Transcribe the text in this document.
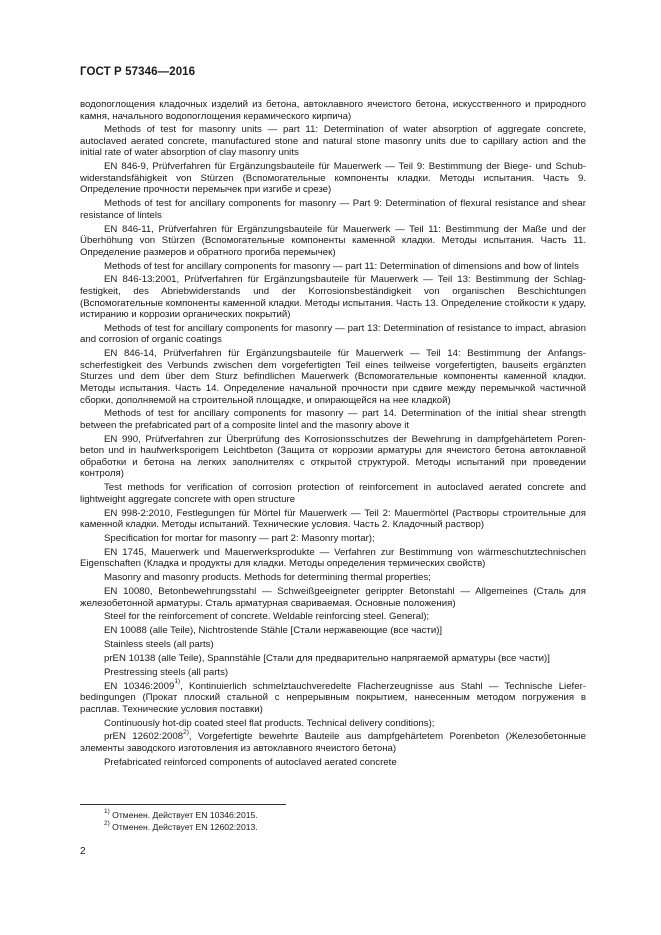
ГОСТ Р 57346—2016

водопоглощения кладочных изделий из бетона, автоклавного ячеистого бетона, искусственного и природного камня, начального водопоглощения керамического кирпича)

Methods of test for masonry units — part 11: Determination of water absorption of aggregate concrete, autoclaved aerated concrete, manufactured stone and natural stone masonry units due to capillary action and the initial rate of water absorption of clay masonry units

EN 846-9, Prüfverfahren für Ergänzungsbauteile für Mauerwerk — Teil 9: Bestimmung der Biege- und Schub-widerstandsfähigkeit von Stürzen (Вспомогательные компоненты кладки. Методы испытания. Часть 9. Определение прочности перемычек при изгибе и срезе)

Methods of test for ancillary components for masonry — Part 9: Determination of flexural resistance and shear resistance of lintels

EN 846-11, Prüfverfahren für Ergänzungsbauteile für Mauerwerk — Teil 11: Bestimmung der Maße und der Überhöhung von Stürzen (Вспомогательные компоненты каменной кладки. Методы испытания. Часть 11. Определение размеров и обратного прогиба перемычек)

Methods of test for ancillary components for masonry — part 11: Determination of dimensions and bow of lintels

EN 846-13:2001, Prüfverfahren für Ergänzungsbauteile für Mauerwerk — Teil 13: Bestimmung der Schlag-festigkeit, des Abriebwiderstands und der Korrosionsbeständigkeit von organischen Beschichtungen (Вспомогательные компоненты каменной кладки. Методы испытания. Часть 13. Определение стойкости к удару, истиранию и коррозии органических покрытий)

Methods of test for ancillary components for masonry — part 13: Determination of resistance to impact, abrasion and corrosion of organic coatings

EN 846-14, Prüfverfahren für Ergänzungsbauteile für Mauerwerk — Teil 14: Bestimmung der Anfangs-scherfestigkeit des Verbunds zwischen dem vorgefertigten Teil eines teilweise vorgefertigten, bauseits ergänzten Sturzes und dem über dem Sturz befindlichen Mauerwerk (Вспомогательные компоненты каменной кладки. Методы испытания. Часть 14. Определение начальной прочности при сдвиге между перемычкой частичной сборки, дополняемой на строительной площадке, и опирающейся на нее кладкой)

Methods of test for ancillary components for masonry — part 14. Determination of the initial shear strength between the prefabricated part of a composite lintel and the masonry above it

EN 990, Prüfverfahren zur Überprüfung des Korrosionsschutzes der Bewehrung in dampfgehärtetem Poren-beton und in haufwerksporigem Leichtbeton (Защита от коррозии арматуры для ячеистого бетона автоклавной обработки и бетона на легких заполнителях с открытой структурой. Методы испытаний при проведении контроля)

Test methods for verification of corrosion protection of reinforcement in autoclaved aerated concrete and lightweight aggregate concrete with open structure

EN 998-2:2010, Festlegungen für Mörtel für Mauerwerk — Teil 2: Mauermörtel (Растворы строительные для каменной кладки. Методы испытаний. Технические условия. Часть 2. Кладочный раствор)

Specification for mortar for masonry — part 2: Masonry mortar);

EN 1745, Mauerwerk und Mauerwerksprodukte — Verfahren zur Bestimmung von wärmeschutztechnischen Eigenschaften (Кладка и продукты для кладки. Методы определения термических свойств)

Masonry and masonry products. Methods for determining thermal properties;

EN 10080, Betonbewehrungsstahl — Schweißgeeigneter gerippter Betonstahl — Allgemeines (Сталь для железобетонной арматуры. Сталь арматурная свариваемая. Основные положения)

Steel for the reinforcement of concrete. Weldable reinforcing steel. General);

EN 10088 (alle Teile), Nichtrostende Stähle [Стали нержавеющие (все части)]

Stainless steels (all parts)

prEN 10138 (alle Teile), Spannstähle [Стали для предварительно напрягаемой арматуры (все части)]

Prestressing steels (all parts)

EN 10346:2009$^{1)}$, Kontinuierlich schmelztauchveredelte Flacherzeugnisse aus Stahl — Technische Liefer-bedingungen (Прокат плоский стальной с непрерывным покрытием, нанесенным методом погружения в расплав. Технические условия поставки)

Continuously hot-dip coated steel flat products. Technical delivery conditions);

prEN 12602:2008$^{2)}$, Vorgefertigte bewehrte Bauteile aus dampfgehärtetem Porenbeton (Железобетонные элементы заводского изготовления из автоклавного ячеистого бетона)

Prefabricated reinforced components of autoclaved aerated concrete

$^{1)}$ Отменен. Действует EN 10346:2015.
$^{2)}$ Отменен. Действует EN 12602:2013.
2
